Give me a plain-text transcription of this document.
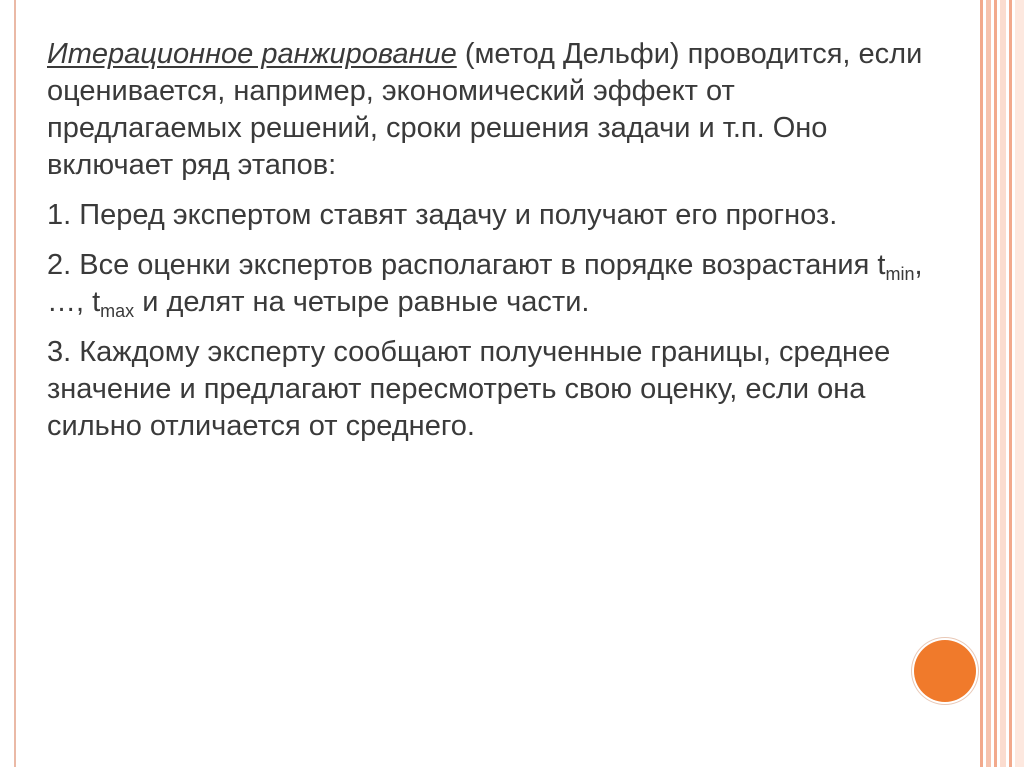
Итерационное ранжирование (метод Дельфи) проводится, если оценивается, например, экономический эффект от предлагаемых решений, сроки решения задачи и т.п. Оно включает ряд этапов:

1. Перед экспертом ставят задачу и получают его прогноз.

2. Все оценки экспертов располагают в порядке возрастания $t_{min}$, …, $t_{max}$ и делят на четыре равные части.

3. Каждому эксперту сообщают полученные границы, среднее значение и предлагают пересмотреть свою оценку, если она сильно отличается от среднего.
